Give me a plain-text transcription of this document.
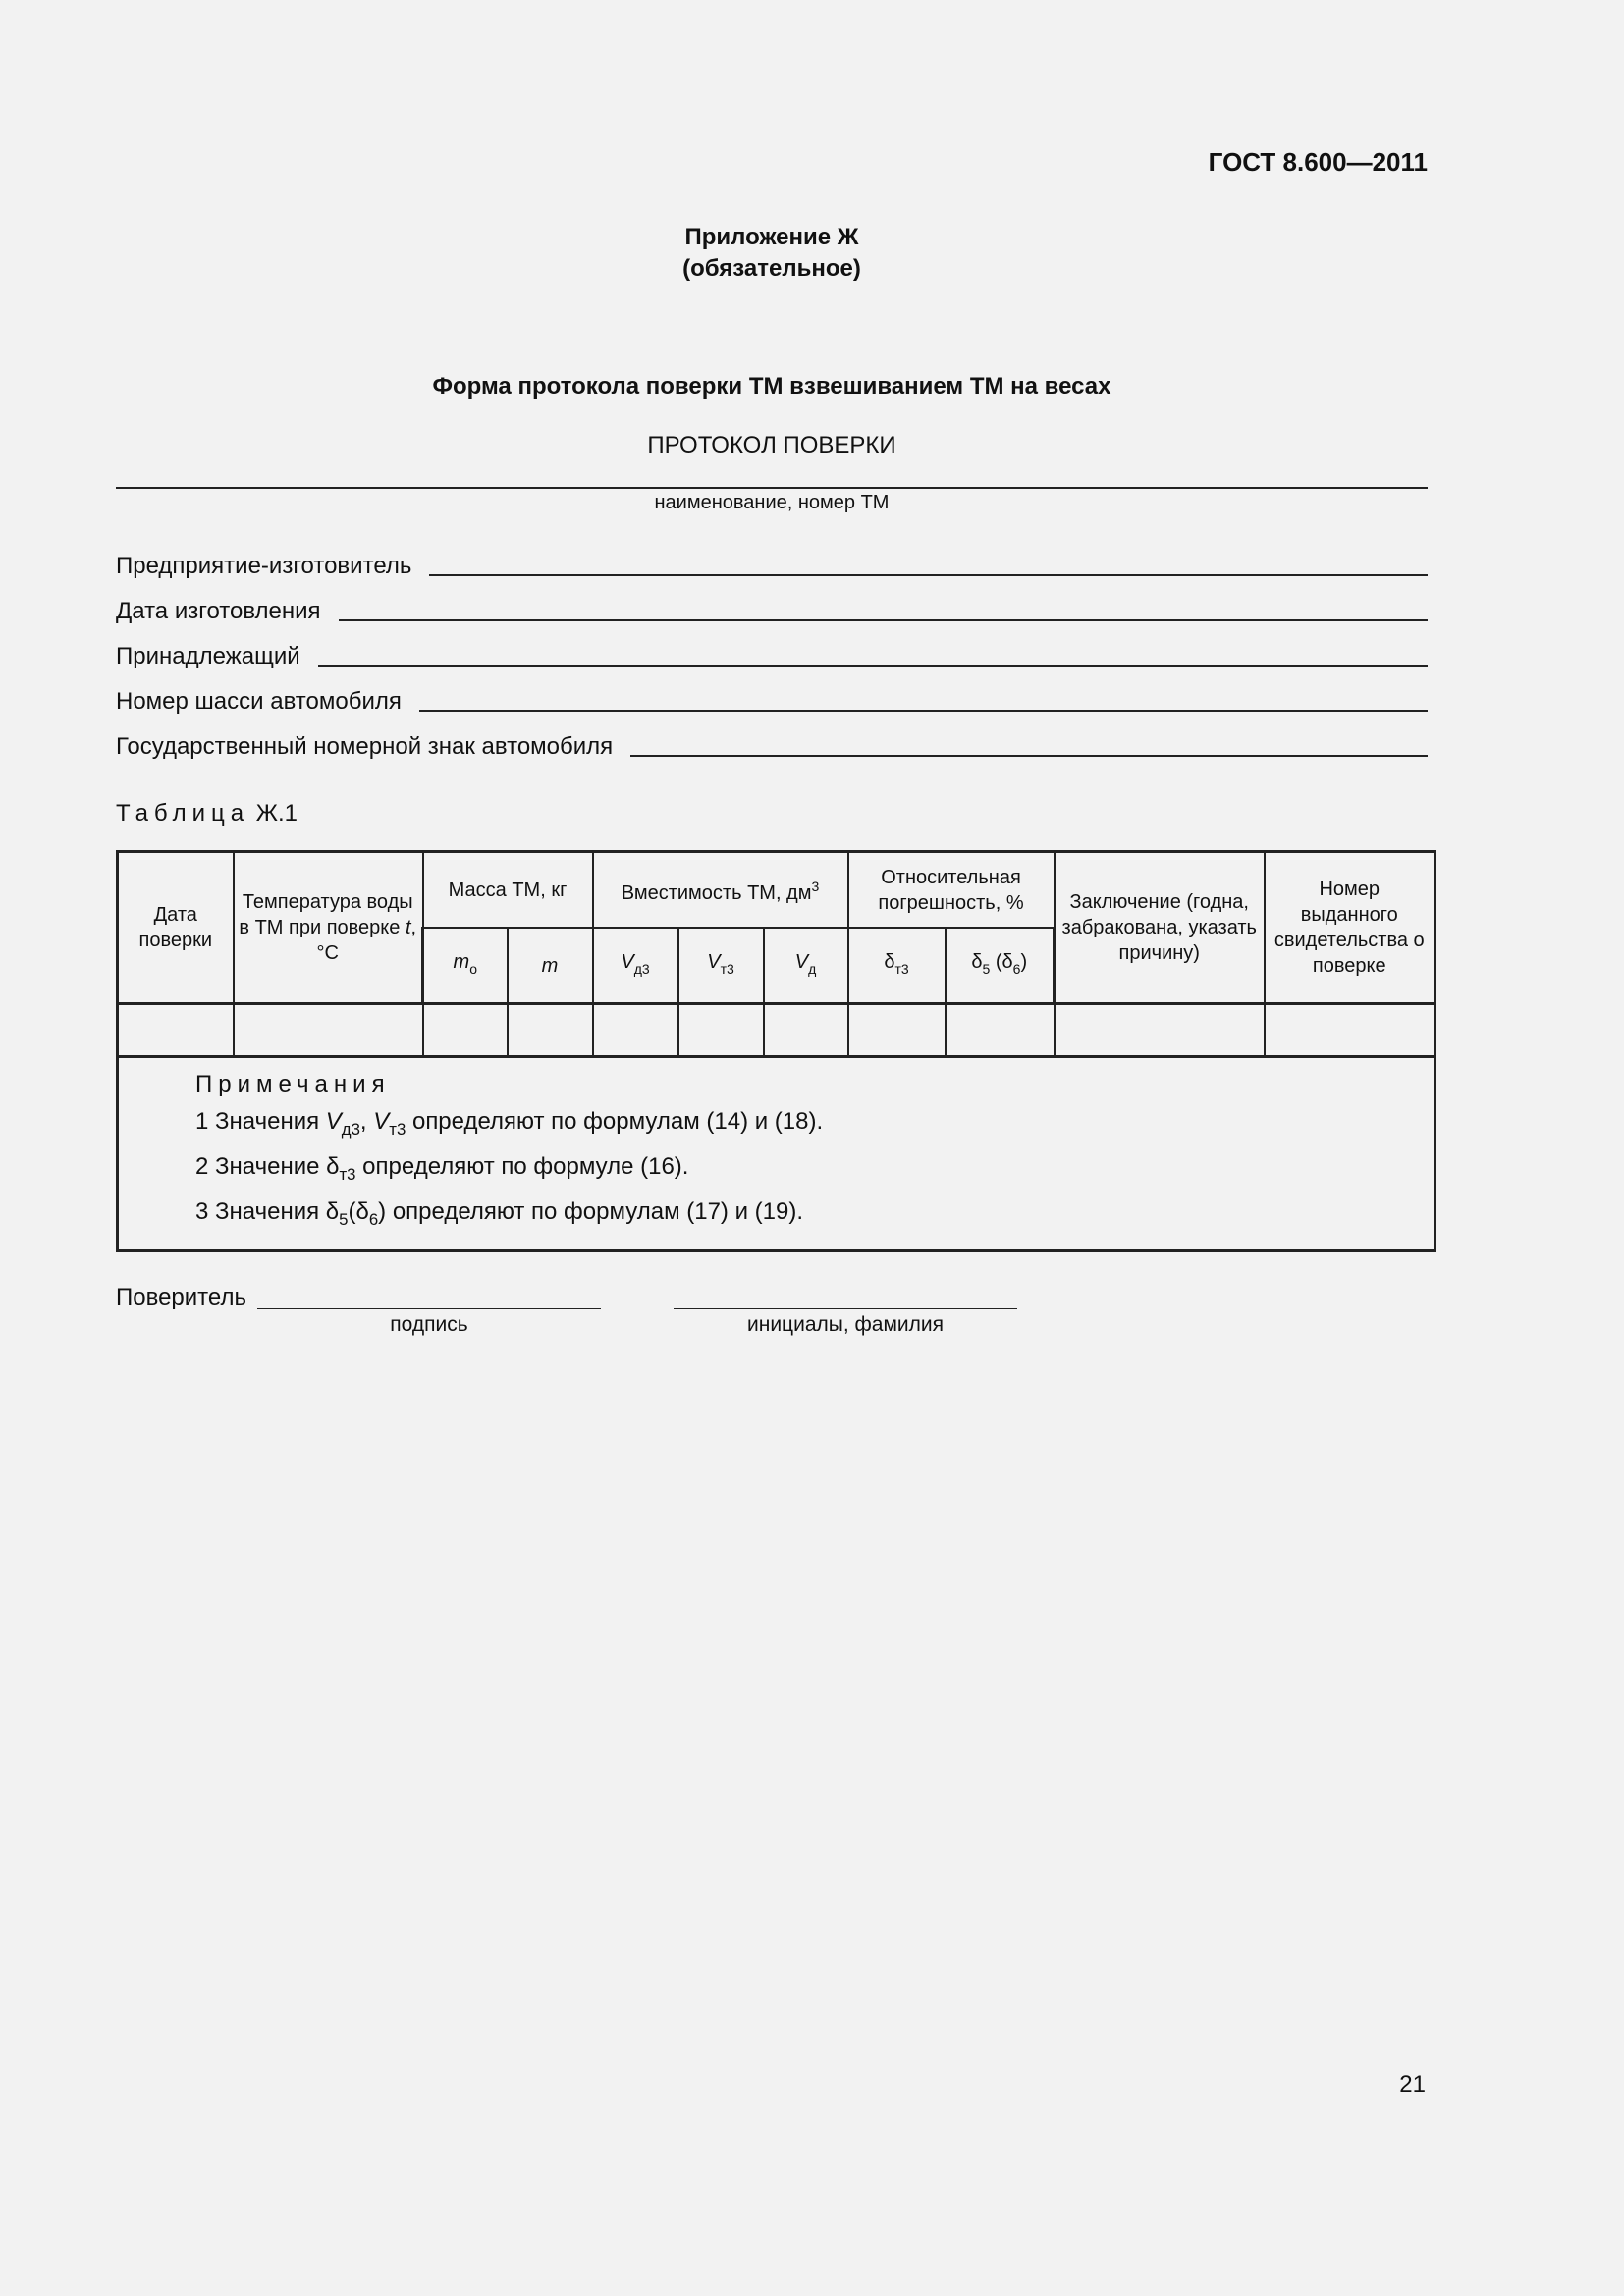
ГОСТ 8.600—2011
Приложение Ж
(обязательное)
Форма протокола поверки ТМ взвешиванием ТМ на весах
ПРОТОКОЛ ПОВЕРКИ
наименование, номер ТМ
Предприятие-изготовитель
Дата изготовления
Принадлежащий
Номер шасси автомобиля
Государственный номерной знак автомобиля
Таблица Ж.1
Дата поверки	Температура воды в ТМ при поверке t, °С	Масса ТМ, кг		Вместимость ТМ, $дм^3$			Относительная погрешность, %		Заключение (годна, забракована, указать причину)	Номер выданного свидетельства о поверке
		$m_о$	m	$V_{д3}$	$V_{т3}$	$V_д$	$\delta_{т3}$	$\delta_5$ $(\delta_6)$		

Примечания
1 Значения $V_{д3}$, $V_{т3}$ определяют по формулам (14) и (18).
2 Значение $\delta_{т3}$ определяют по формуле (16).
3 Значения $\delta_5(\delta_6)$ определяют по формулам (17) и (19).										
Поверитель
подпись	инициалы, фамилия
21
